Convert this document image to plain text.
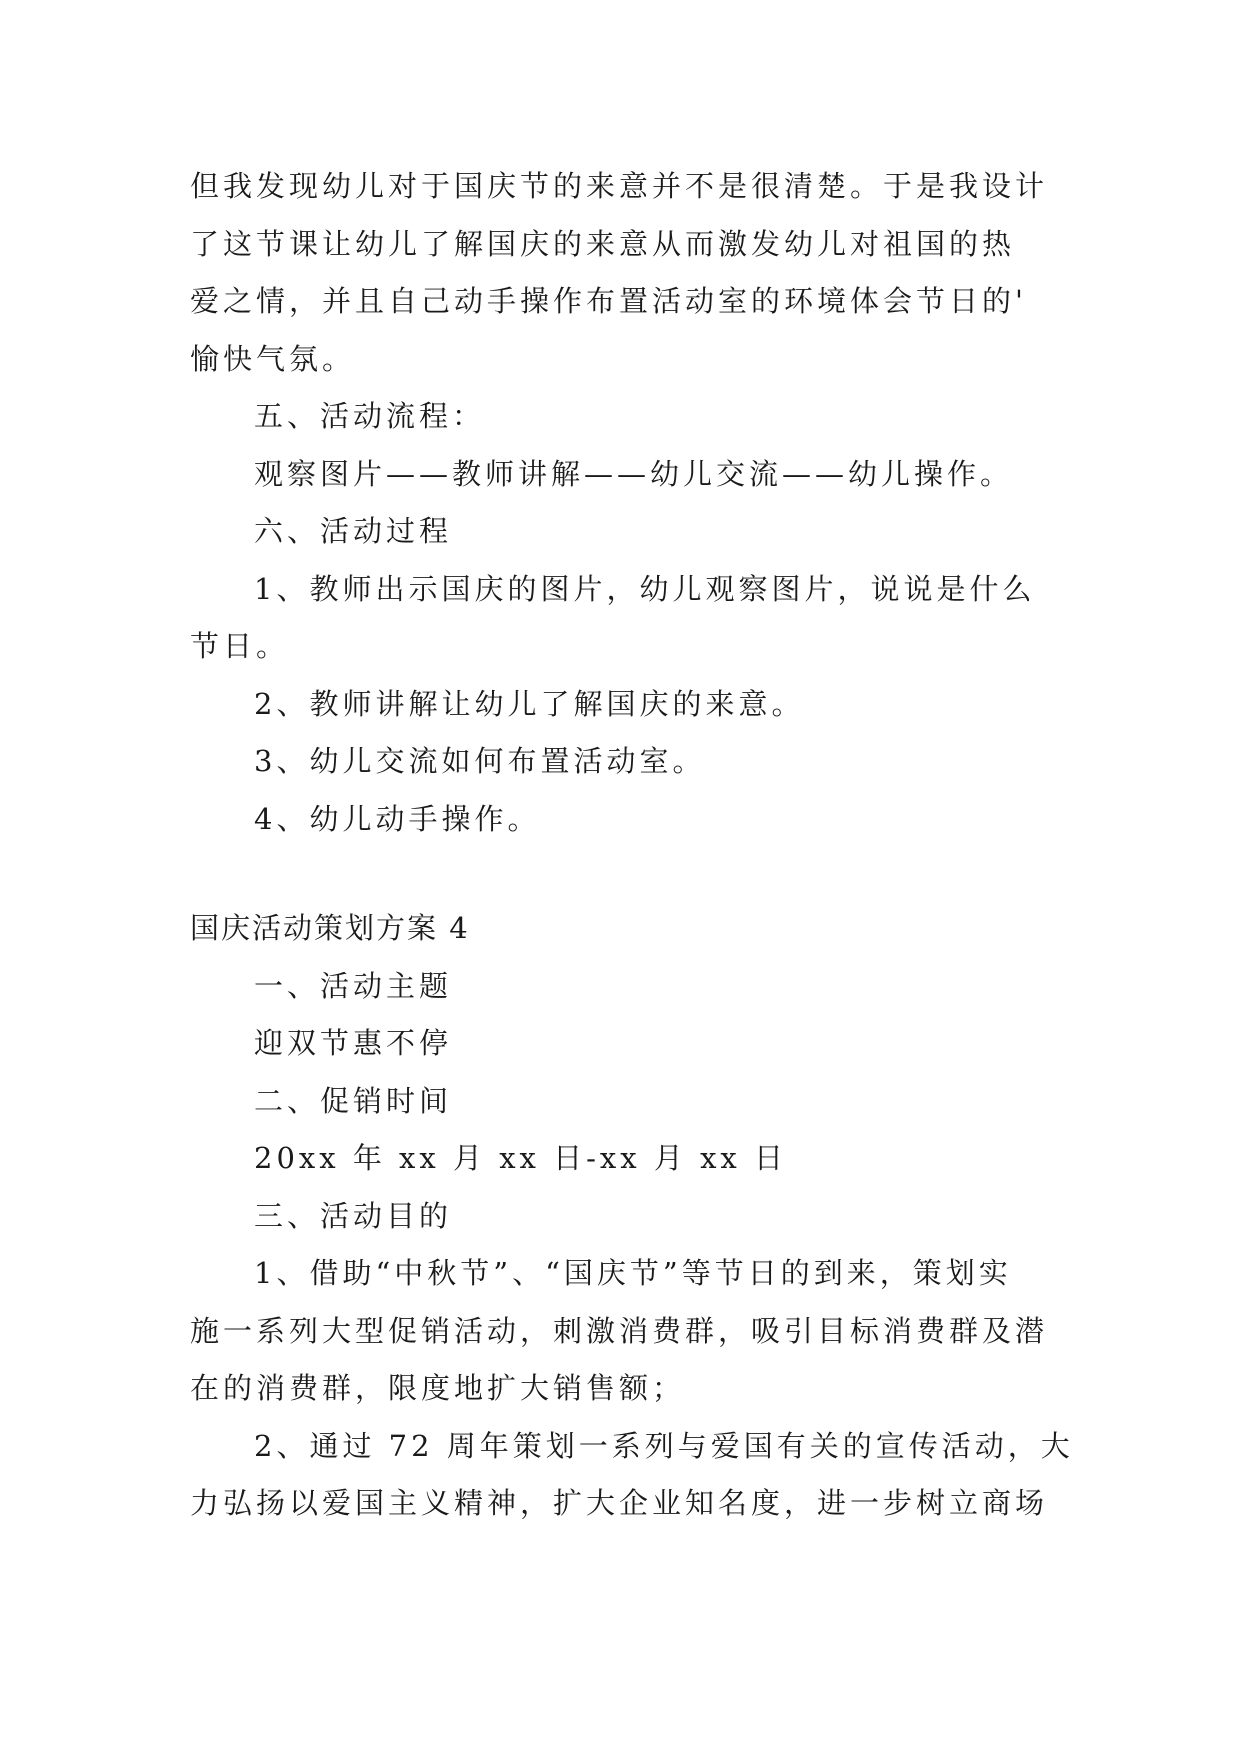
但我发现幼儿对于国庆节的来意并不是很清楚。于是我设计
了这节课让幼儿了解国庆的来意从而激发幼儿对祖国的热
爱之情，并且自己动手操作布置活动室的环境体会节日的'
愉快气氛。
五、活动流程：
观察图片——教师讲解——幼儿交流——幼儿操作。
六、活动过程
1、教师出示国庆的图片，幼儿观察图片，说说是什么
节日。
2、教师讲解让幼儿了解国庆的来意。
3、幼儿交流如何布置活动室。
4、幼儿动手操作。
国庆活动策划方案 4
一、活动主题
迎双节惠不停
二、促销时间
20xx 年 xx 月 xx 日-xx 月 xx 日
三、活动目的
1、借助“中秋节”、“国庆节”等节日的到来，策划实
施一系列大型促销活动，刺激消费群，吸引目标消费群及潜
在的消费群，限度地扩大销售额；
2、通过 72 周年策划一系列与爱国有关的宣传活动，大
力弘扬以爱国主义精神，扩大企业知名度，进一步树立商场
